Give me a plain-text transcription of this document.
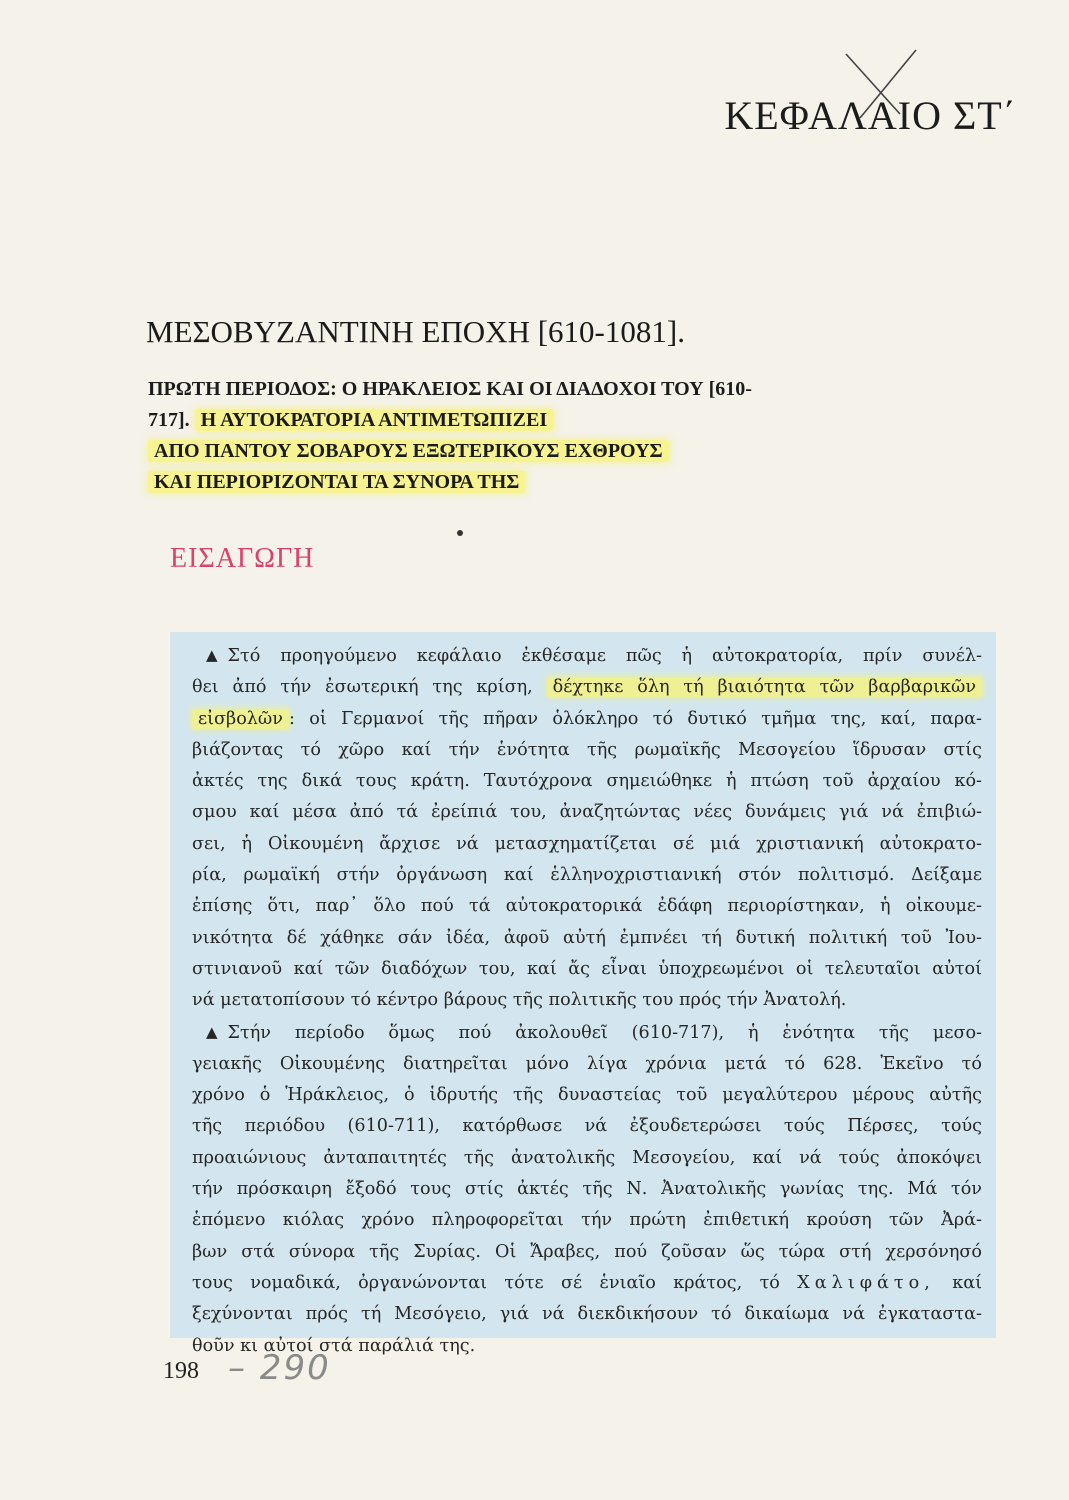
ΚΕΦΑΛΑΙΟ ΣΤ΄
ΜΕΣΟΒΥΖΑΝΤΙΝΗ ΕΠΟΧΗ [610-1081].
ΠΡΩΤΗ ΠΕΡΙΟΔΟΣ: Ο ΗΡΑΚΛΕΙΟΣ ΚΑΙ ΟΙ ΔΙΑΔΟΧΟΙ ΤΟΥ [610-
717]. Η ΑΥΤΟΚΡΑΤΟΡΙΑ ΑΝΤΙΜΕΤΩΠΙΖΕΙ
ΑΠΟ ΠΑΝΤΟΥ ΣΟΒΑΡΟΥΣ ΕΞΩΤΕΡΙΚΟΥΣ ΕΧΘΡΟΥΣ
ΚΑΙ ΠΕΡΙΟΡΙΖΟΝΤΑΙ ΤΑ ΣΥΝΟΡΑ ΤΗΣ
ΕΙΣΑΓΩΓΗ
▲ Στό προηγούμενο κεφάλαιο ἐκθέσαμε πῶς ἡ αὐτοκρατορία, πρίν συνέλ-
θει ἀπό τήν ἐσωτερική της κρίση, δέχτηκε ὅλη τή βιαιότητα τῶν βαρβαρικῶν
εἰσβολῶν : οἱ Γερμανοί τῆς πῆραν ὁλόκληρο τό δυτικό τμῆμα της, καί, παρα-
βιάζοντας τό χῶρο καί τήν ἑνότητα τῆς ρωμαϊκῆς Μεσογείου ἵδρυσαν στίς
ἀκτές της δικά τους κράτη. Ταυτόχρονα σημειώθηκε ἡ πτώση τοῦ ἀρχαίου κό-
σμου καί μέσα ἀπό τά ἐρείπιά του, ἀναζητώντας νέες δυνάμεις γιά νά ἐπιβιώ-
σει, ἡ Οἰκουμένη ἄρχισε νά μετασχηματίζεται σέ μιά χριστιανική αὐτοκρατο-
ρία, ρωμαϊκή στήν ὀργάνωση καί ἑλληνοχριστιανική στόν πολιτισμό. Δείξαμε
ἐπίσης ὅτι, παρ᾽ ὅλο πού τά αὐτοκρατορικά ἐδάφη περιορίστηκαν, ἡ οἰκουμε-
νικότητα δέ χάθηκε σάν ἰδέα, ἀφοῦ αὐτή ἐμπνέει τή δυτική πολιτική τοῦ Ἰου-
στινιανοῦ καί τῶν διαδόχων του, καί ἄς εἶναι ὑποχρεωμένοι οἱ τελευταῖοι αὐτοί
νά μετατοπίσουν τό κέντρο βάρους τῆς πολιτικῆς του πρός τήν Ἀνατολή.
▲ Στήν περίοδο ὅμως πού ἀκολουθεῖ (610-717), ἡ ἑνότητα τῆς μεσο-
γειακῆς Οἰκουμένης διατηρεῖται μόνο λίγα χρόνια μετά τό 628. Ἐκεῖνο τό
χρόνο ὁ Ἡράκλειος, ὁ ἱδρυτής τῆς δυναστείας τοῦ μεγαλύτερου μέρους αὐτῆς
τῆς περιόδου (610-711), κατόρθωσε νά ἐξουδετερώσει τούς Πέρσες, τούς
προαιώνιους ἀνταπαιτητές τῆς ἀνατολικῆς Μεσογείου, καί νά τούς ἀποκόψει
τήν πρόσκαιρη ἔξοδό τους στίς ἀκτές τῆς Ν. Ἀνατολικῆς γωνίας της. Μά τόν
ἑπόμενο κιόλας χρόνο πληροφορεῖται τήν πρώτη ἐπιθετική κρούση τῶν Ἀρά-
βων στά σύνορα τῆς Συρίας. Οἱ Ἄραβες, πού ζοῦσαν ὥς τώρα στή χερσόνησό
τους νομαδικά, ὀργανώνονται τότε σέ ἑνιαῖο κράτος, τό Χαλιφάτο, καί
ξεχύνονται πρός τή Μεσόγειο, γιά νά διεκδικήσουν τό δικαίωμα νά ἐγκαταστα-
θοῦν κι αὐτοί στά παράλιά της.
198 – 290
